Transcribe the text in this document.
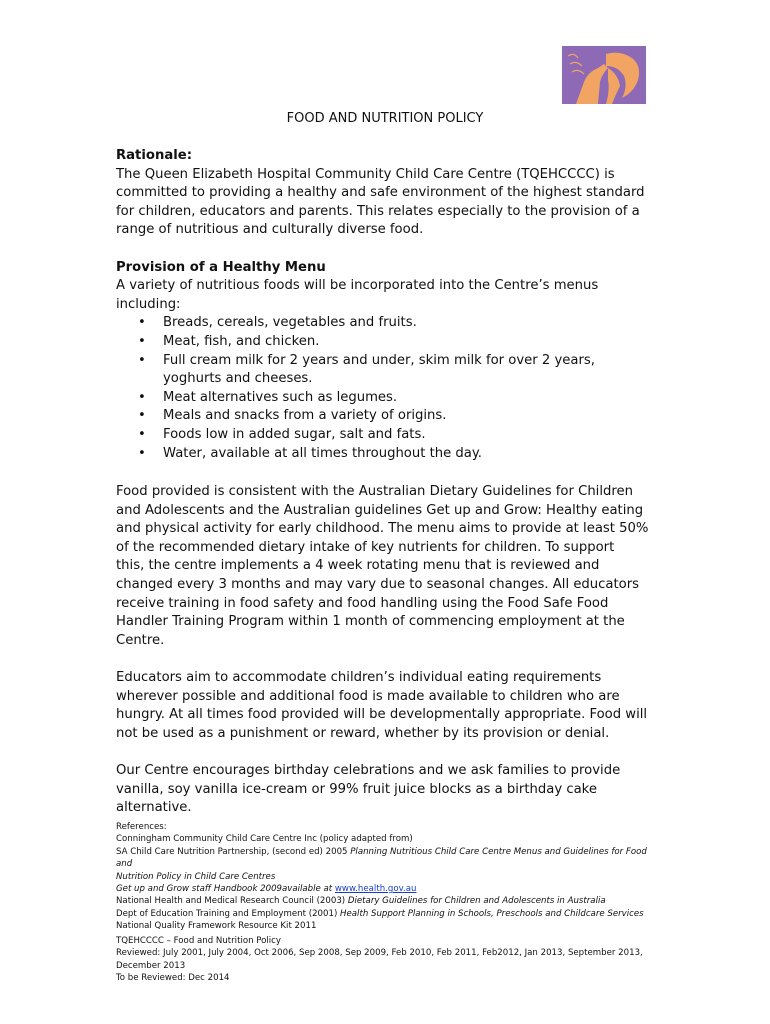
FOOD AND NUTRITION POLICY

Rationale:

The Queen Elizabeth Hospital Community Child Care Centre (TQEHCCCC) is

committed to providing a healthy and safe environment of the highest standard

for children, educators and parents. This relates especially to the provision of a

range of nutritious and culturally diverse food.

Provision of a Healthy Menu

A variety of nutritious foods will be incorporated into the Centre’s menus

including:

• Breads, cereals, vegetables and fruits.
• Meat, fish, and chicken.
• Full cream milk for 2 years and under, skim milk for over 2 years,
yoghurts and cheeses.
• Meat alternatives such as legumes.
• Meals and snacks from a variety of origins.
• Foods low in added sugar, salt and fats.
• Water, available at all times throughout the day.

Food provided is consistent with the Australian Dietary Guidelines for Children

and Adolescents and the Australian guidelines Get up and Grow: Healthy eating

and physical activity for early childhood. The menu aims to provide at least 50%

of the recommended dietary intake of key nutrients for children. To support

this, the centre implements a 4 week rotating menu that is reviewed and

changed every 3 months and may vary due to seasonal changes. All educators

receive training in food safety and food handling using the Food Safe Food

Handler Training Program within 1 month of commencing employment at the

Centre.

Educators aim to accommodate children’s individual eating requirements

wherever possible and additional food is made available to children who are

hungry. At all times food provided will be developmentally appropriate. Food will

not be used as a punishment or reward, whether by its provision or denial.

Our Centre encourages birthday celebrations and we ask families to provide

vanilla, soy vanilla ice-cream or 99% fruit juice blocks as a birthday cake

alternative.

References:

Conningham Community Child Care Centre Inc (policy adapted from)

SA Child Care Nutrition Partnership, (second ed) 2005 Planning Nutritious Child Care Centre Menus and Guidelines for Food and

Nutrition Policy in Child Care Centres

Get up and Grow staff Handbook 2009available at www.health.gov.au

National Health and Medical Research Council (2003) Dietary Guidelines for Children and Adolescents in Australia

Dept of Education Training and Employment (2001) Health Support Planning in Schools, Preschools and Childcare Services

National Quality Framework Resource Kit 2011

TQEHCCCC – Food and Nutrition Policy

Reviewed: July 2001, July 2004, Oct 2006, Sep 2008, Sep 2009, Feb 2010, Feb 2011, Feb2012, Jan 2013, September 2013,

December 2013

To be Reviewed: Dec 2014
